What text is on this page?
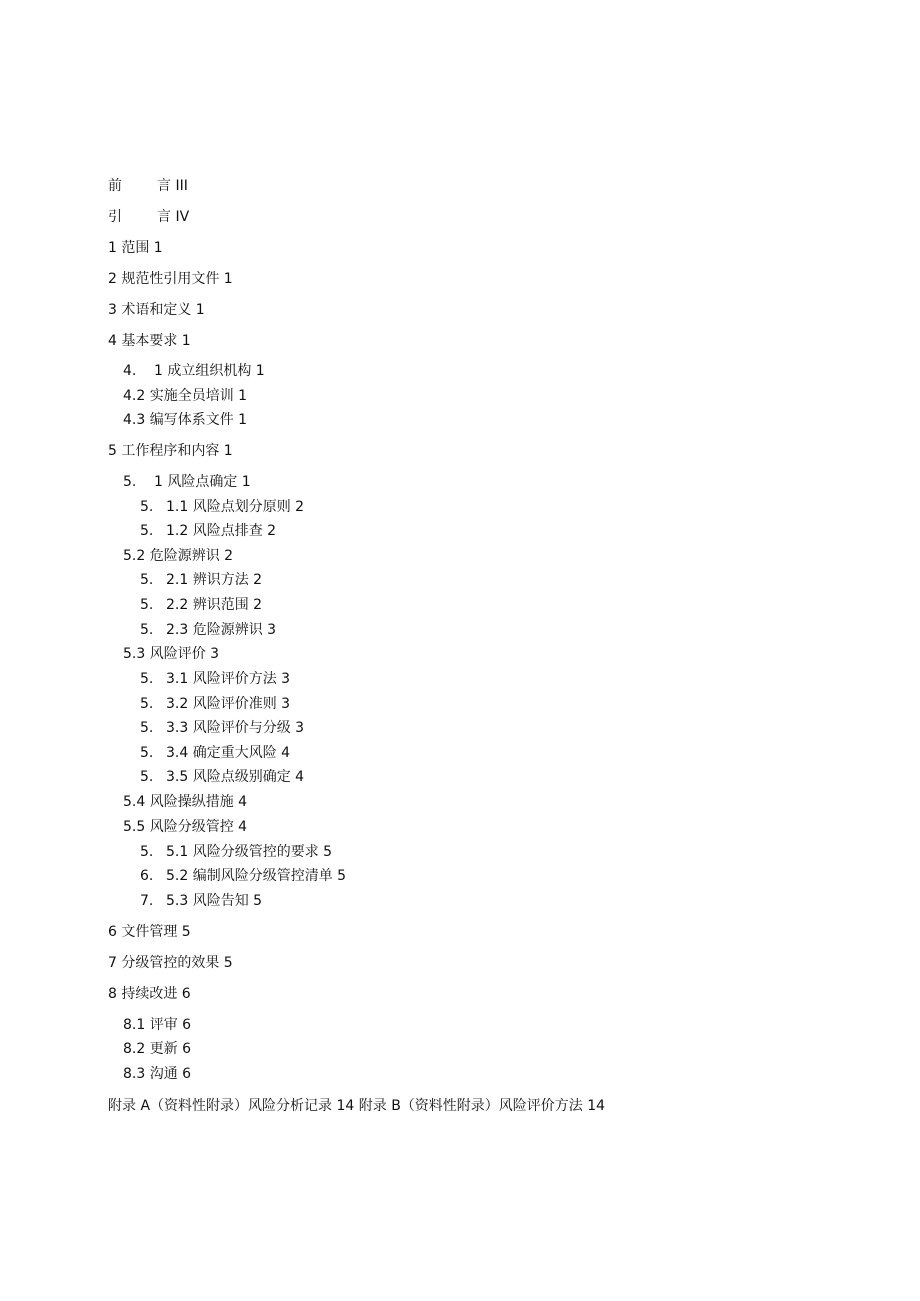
前	言 III
引	言 IV
1 范围 1
2 规范性引用文件 1
3 术语和定义 1
4 基本要求 1
4. 1 成立组织机构 1
4.2 实施全员培训 1
4.3 编写体系文件 1
5 工作程序和内容 1
5. 1 风险点确定 1
5. 1.1 风险点划分原则 2
5. 1.2 风险点排查 2
5.2 危险源辨识 2
5. 2.1 辨识方法 2
5. 2.2 辨识范围 2
5. 2.3 危险源辨识 3
5.3 风险评价 3
5. 3.1 风险评价方法 3
5. 3.2 风险评价准则 3
5. 3.3 风险评价与分级 3
5. 3.4 确定重大风险 4
5. 3.5 风险点级别确定 4
5.4 风险操纵措施 4
5.5 风险分级管控 4
5. 5.1 风险分级管控的要求 5
6. 5.2 编制风险分级管控清单 5
7. 5.3 风险告知 5
6 文件管理 5
7 分级管控的效果 5
8 持续改进 6
8.1 评审 6
8.2 更新 6
8.3 沟通 6
附录 A（资料性附录）风险分析记录 14 附录 B（资料性附录）风险评价方法 14
